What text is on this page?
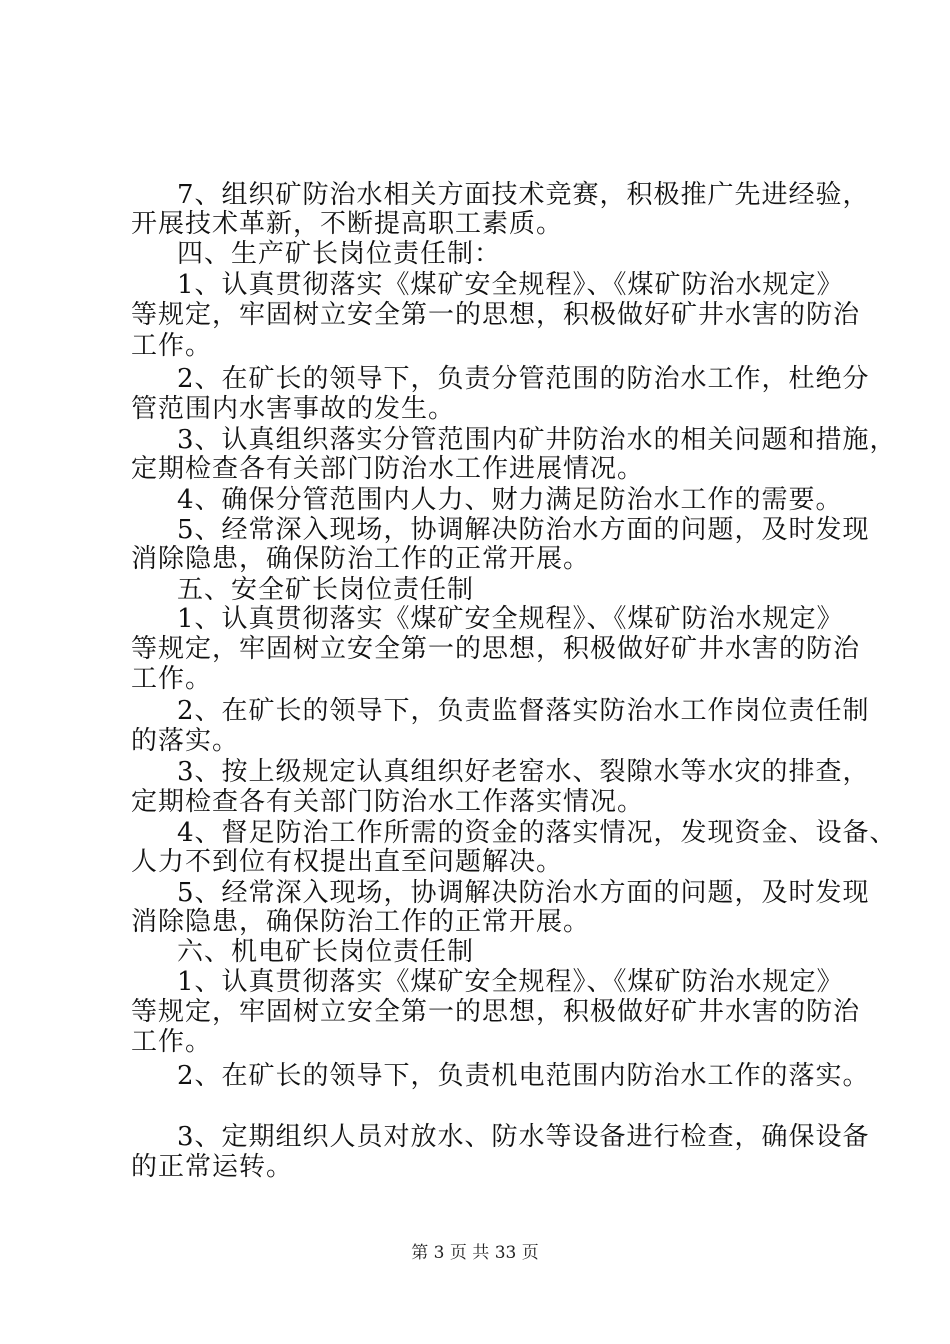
7、组织矿防治水相关方面技术竞赛，积极推广先进经验，
开展技术革新，不断提高职工素质。
四、生产矿长岗位责任制：
1、认真贯彻落实《煤矿安全规程》、《煤矿防治水规定》
等规定，牢固树立安全第一的思想，积极做好矿井水害的防治
工作。
2、在矿长的领导下，负责分管范围的防治水工作，杜绝分
管范围内水害事故的发生。
3、认真组织落实分管范围内矿井防治水的相关问题和措施，
定期检查各有关部门防治水工作进展情况。
4、确保分管范围内人力、财力满足防治水工作的需要。
5、经常深入现场，协调解决防治水方面的问题，及时发现
消除隐患，确保防治工作的正常开展。
五、安全矿长岗位责任制
1、认真贯彻落实《煤矿安全规程》、《煤矿防治水规定》
等规定，牢固树立安全第一的思想，积极做好矿井水害的防治
工作。
2、在矿长的领导下，负责监督落实防治水工作岗位责任制
的落实。
3、按上级规定认真组织好老窑水、裂隙水等水灾的排查，
定期检查各有关部门防治水工作落实情况。
4、督足防治工作所需的资金的落实情况，发现资金、设备、
人力不到位有权提出直至问题解决。
5、经常深入现场，协调解决防治水方面的问题，及时发现
消除隐患，确保防治工作的正常开展。
六、机电矿长岗位责任制
1、认真贯彻落实《煤矿安全规程》、《煤矿防治水规定》
等规定，牢固树立安全第一的思想，积极做好矿井水害的防治
工作。
2、在矿长的领导下，负责机电范围内防治水工作的落实。
3、定期组织人员对放水、防水等设备进行检查，确保设备
的正常运转。
第 3 页 共 33 页
